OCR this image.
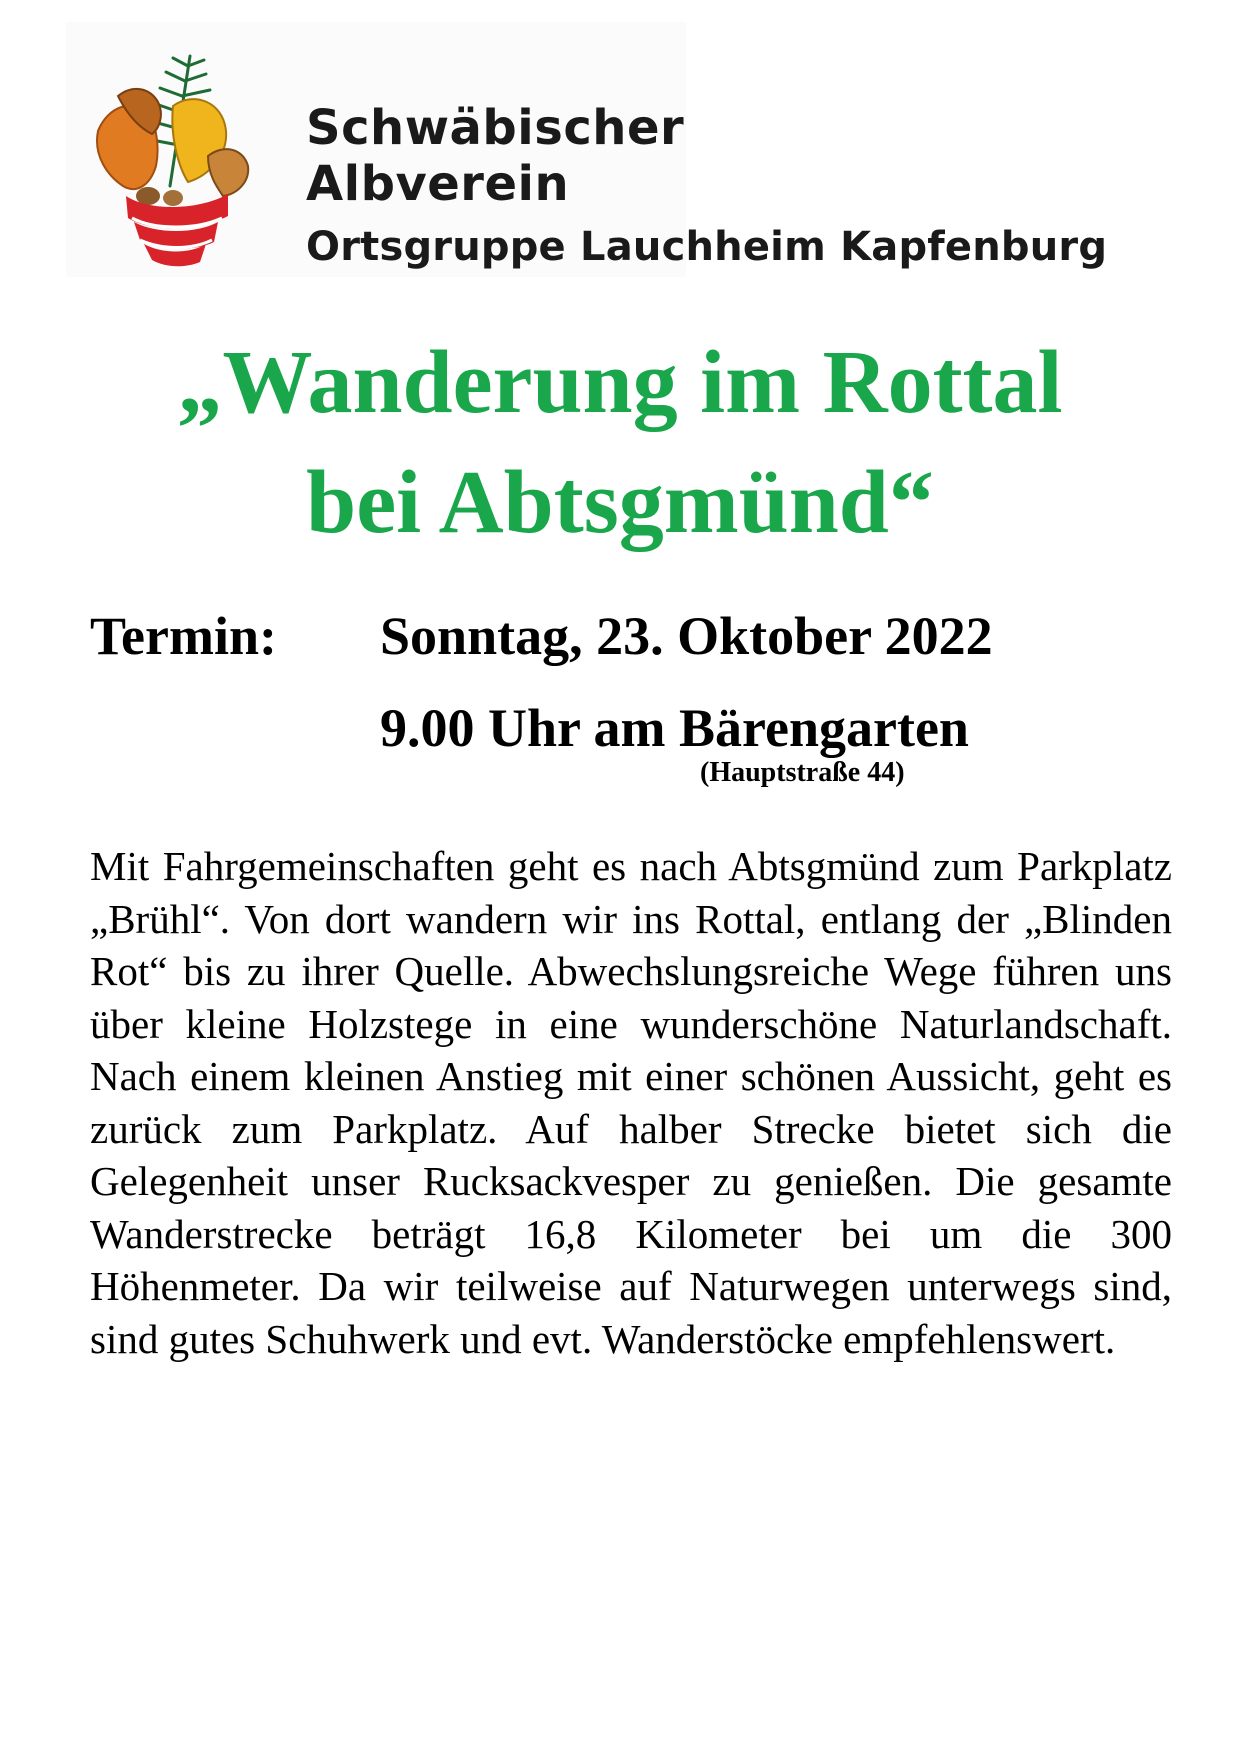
Schwäbischer
Albverein
Ortsgruppe Lauchheim Kapfenburg
„Wanderung im Rottal
bei Abtsgmünd“
Termin: Sonntag, 23. Oktober 2022
9.00 Uhr am Bärengarten
(Hauptstraße 44)
Mit Fahrgemeinschaften geht es nach Abtsgmünd zum Parkplatz „Brühl“. Von dort wandern wir ins Rottal, entlang der „Blinden Rot“ bis zu ihrer Quelle. Abwechslungsreiche Wege führen uns über kleine Holzstege in eine wunderschöne Naturlandschaft. Nach einem kleinen Anstieg mit einer schönen Aussicht, geht es zurück zum Parkplatz. Auf halber Strecke bietet sich die Gelegenheit unser Rucksackvesper zu genießen. Die gesamte Wanderstrecke beträgt 16,8 Kilometer bei um die 300 Höhenmeter. Da wir teilweise auf Naturwegen unterwegs sind, sind gutes Schuhwerk und evt. Wanderstöcke empfehlenswert.
